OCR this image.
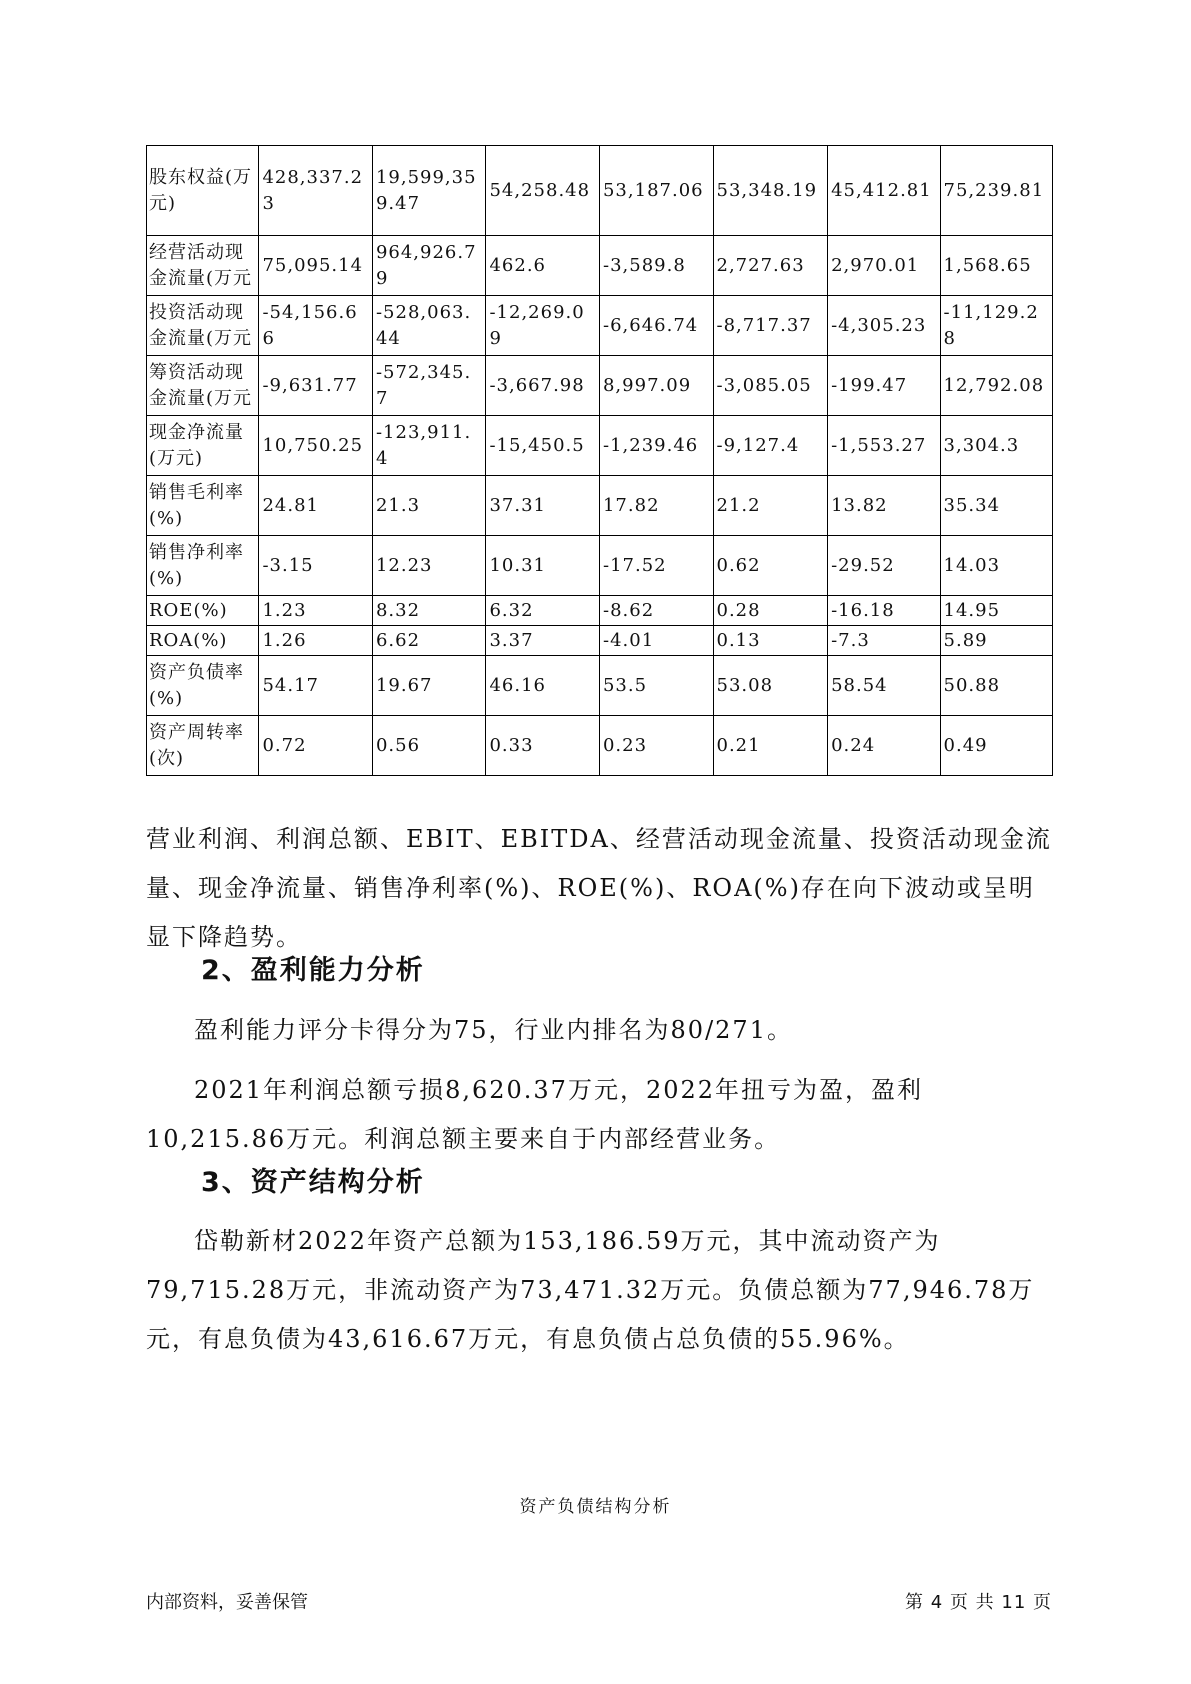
股东权益(万元)	428,337.23	19,599,359.47	54,258.48	53,187.06	53,348.19	45,412.81	75,239.81
经营活动现金流量(万元	75,095.14	964,926.79	462.6	-3,589.8	2,727.63	2,970.01	1,568.65
投资活动现金流量(万元	-54,156.66	-528,063.44	-12,269.09	-6,646.74	-8,717.37	-4,305.23	-11,129.28
筹资活动现金流量(万元	-9,631.77	-572,345.7	-3,667.98	8,997.09	-3,085.05	-199.47	12,792.08
现金净流量(万元)	10,750.25	-123,911.4	-15,450.5	-1,239.46	-9,127.4	-1,553.27	3,304.3
销售毛利率(%)	24.81	21.3	37.31	17.82	21.2	13.82	35.34
销售净利率(%)	-3.15	12.23	10.31	-17.52	0.62	-29.52	14.03
ROE(%)	1.23	8.32	6.32	-8.62	0.28	-16.18	14.95
ROA(%)	1.26	6.62	3.37	-4.01	0.13	-7.3	5.89
资产负债率(%)	54.17	19.67	46.16	53.5	53.08	58.54	50.88
资产周转率(次)	0.72	0.56	0.33	0.23	0.21	0.24	0.49

营业利润、利润总额、EBIT、EBITDA、经营活动现金流量、投资活动现金流量、现金净流量、销售净利率(%)、ROE(%)、ROA(%)存在向下波动或呈明显下降趋势。

2、盈利能力分析

盈利能力评分卡得分为75，行业内排名为80/271。

2021年利润总额亏损8,620.37万元，2022年扭亏为盈，盈利10,215.86万元。利润总额主要来自于内部经营业务。

3、资产结构分析

岱勒新材2022年资产总额为153,186.59万元，其中流动资产为79,715.28万元，非流动资产为73,471.32万元。负债总额为77,946.78万元，有息负债为43,616.67万元，有息负债占总负债的55.96%。

资产负债结构分析
内部资料，妥善保管	第 4 页 共 11 页
